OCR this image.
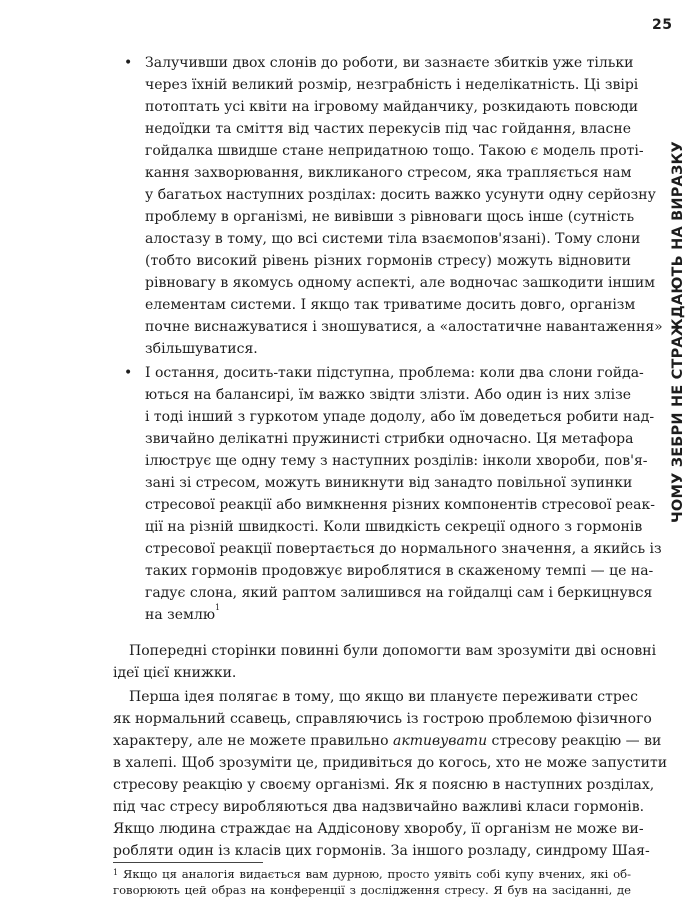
25
ЧОМУ ЗЕБРИ НЕ СТРАЖДАЮТЬ НА ВИРАЗКУ
• Залучивши двох слонів до роботи, ви зазнаєте збитків уже тільки
через їхній великий розмір, незграбність і неделікатність. Ці звірі
потоптать усі квіти на ігровому майданчику, розкидають повсюди
недоїдки та сміття від частих перекусів під час гойдання, власне
гойдалка швидше стане непридатною тощо. Такою є модель проті-
кання захворювання, викликаного стресом, яка трапляється нам
у багатьох наступних розділах: досить важко усунути одну серйозну
проблему в організмі, не вивівши з рівноваги щось інше (сутність
алостазу в тому, що всі системи тіла взаємопов'язані). Тому слони
(тобто високий рівень різних гормонів стресу) можуть відновити
рівновагу в якомусь одному аспекті, але водночас зашкодити іншим
елементам системи. І якщо так триватиме досить довго, організм
почне виснажуватися і зношуватися, а «алостатичне навантаження»
збільшуватися.
• І остання, досить-таки підступна, проблема: коли два слони гойда-
ються на балансирі, їм важко звідти злізти. Або один із них злізе
і тоді інший з гуркотом упаде додолу, або їм доведеться робити над-
звичайно делікатні пружинисті стрибки одночасно. Ця метафора
ілюструє ще одну тему з наступних розділів: інколи хвороби, пов'я-
зані зі стресом, можуть виникнути від занадто повільної зупинки
стресової реакції або вимкнення різних компонентів стресової реак-
ції на різній швидкості. Коли швидкість секреції одного з гормонів
стресової реакції повертається до нормального значення, а якийсь із
таких гормонів продовжує вироблятися в скаженому темпі — це на-
гадує слона, який раптом залишився на гойдалці сам і беркицнувся
на землю$^1$
Попередні сторінки повинні були допомогти вам зрозуміти дві основні
ідеї цієї книжки.
Перша ідея полягає в тому, що якщо ви плануєте переживати стрес
як нормальний ссавець, справляючись із гострою проблемою фізичного
характеру, але не можете правильно активувати стресову реакцію — ви
в халепі. Щоб зрозуміти це, придивіться до когось, хто не може запустити
стресову реакцію у своєму організмі. Як я поясню в наступних розділах,
під час стресу виробляються два надзвичайно важливі класи гормонів.
Якщо людина страждає на Аддісонову хворобу, її організм не може ви-
робляти один із класів цих гормонів. За іншого розладу, синдрому Шая-
1 Якщо ця аналогія видається вам дурною, просто уявіть собі купу вчених, які об-
говорюють цей образ на конференції з дослідження стресу. Я був на засіданні, де
